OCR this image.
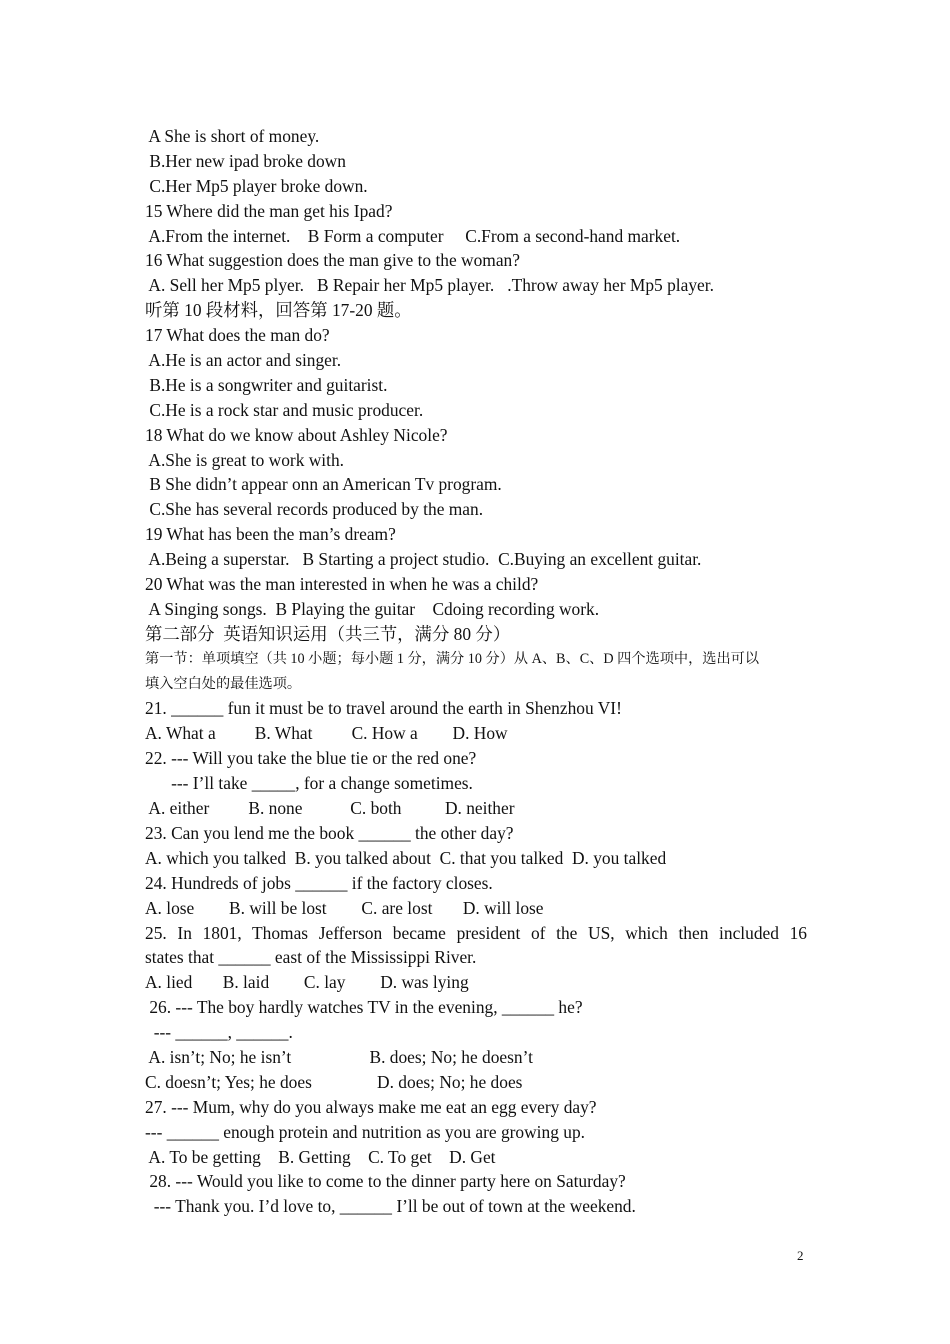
A She is short of money.
B.Her new ipad broke down
C.Her Mp5 player broke down.
15 Where did the man get his Ipad?
A.From the internet.    B Form a computer     C.From a second-hand market.
16 What suggestion does the man give to the woman?
A. Sell her Mp5 plyer.   B Repair her Mp5 player.   .Throw away her Mp5 player.
听第 10 段材料，回答第 17-20 题。
17 What does the man do?
A.He is an actor and singer.
B.He is a songwriter and guitarist.
C.He is a rock star and music producer.
18 What do we know about Ashley Nicole?
A.She is great to work with.
B She didn’t appear onn an American Tv program.
C.She has several records produced by the man.
19 What has been the man’s dream?
A.Being a superstar.   B Starting a project studio.  C.Buying an excellent guitar.
20 What was the man interested in when he was a child?
A Singing songs.  B Playing the guitar    Cdoing recording work.
第二部分  英语知识运用（共三节，满分 80 分）
第一节：单项填空（共 10 小题；每小题 1 分，满分 10 分）从 A、B、C、D 四个选项中，选出可以
填入空白处的最佳选项。
21. ______ fun it must be to travel around the earth in Shenzhou VI!
A. What a         B. What         C. How a        D. How
22. --- Will you take the blue tie or the red one?
--- I’ll take _____, for a change sometimes.
A. either         B. none           C. both          D. neither
23. Can you lend me the book ______ the other day?
A. which you talked  B. you talked about  C. that you talked  D. you talked
24. Hundreds of jobs ______ if the factory closes.
A. lose        B. will be lost        C. are lost       D. will lose
25. In 1801, Thomas Jefferson became president of the US, which then included 16
states that ______ east of the Mississippi River.
A. lied       B. laid        C. lay        D. was lying
26. --- The boy hardly watches TV in the evening, ______ he?
--- ______, ______.
A. isn’t; No; he isn’t                  B. does; No; he doesn’t
C. doesn’t; Yes; he does               D. does; No; he does
27. --- Mum, why do you always make me eat an egg every day?
--- ______ enough protein and nutrition as you are growing up.
A. To be getting    B. Getting    C. To get    D. Get
28. --- Would you like to come to the dinner party here on Saturday?
--- Thank you. I’d love to, ______ I’ll be out of town at the weekend.
2
